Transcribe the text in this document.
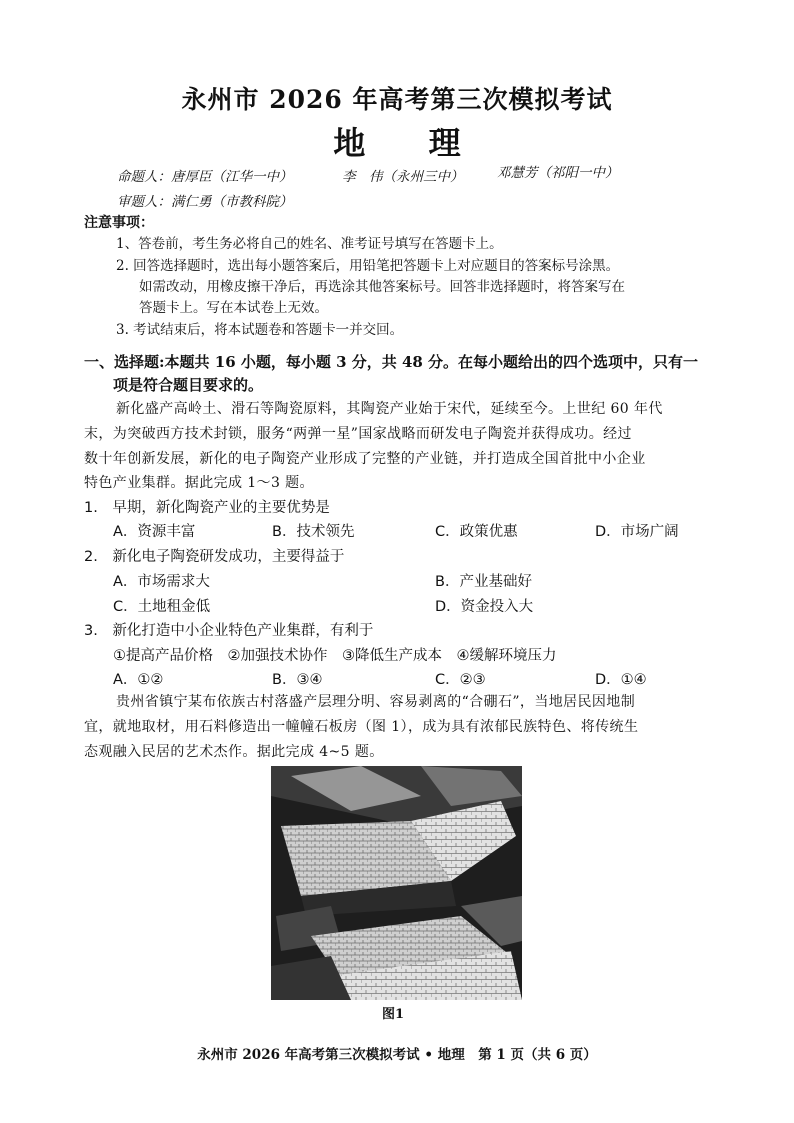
永州市 2026 年高考第三次模拟考试
地 理
命题人：唐厚臣（江华一中）	李　伟（永州三中） 邓慧芳（祁阳一中）
审题人：满仁勇（市教科院）
注意事项：
1、答卷前，考生务必将自己的姓名、准考证号填写在答题卡上。
2. 回答选择题时，选出每小题答案后，用铅笔把答题卡上对应题目的答案标号涂黑。
如需改动，用橡皮擦干净后，再选涂其他答案标号。回答非选择题时，将答案写在
答题卡上。写在本试卷上无效。
3. 考试结束后，将本试题卷和答题卡一并交回。
一、选择题:本题共 16 小题，每小题 3 分，共 48 分。在每小题给出的四个选项中，只有一
项是符合题目要求的。
新化盛产高岭土、滑石等陶瓷原料，其陶瓷产业始于宋代，延续至今。上世纪 60 年代
末，为突破西方技术封锁，服务“两弹一星”国家战略而研发电子陶瓷并获得成功。经过
数十年创新发展，新化的电子陶瓷产业形成了完整的产业链，并打造成全国首批中小企业
特色产业集群。据此完成 1～3 题。
1.　早期，新化陶瓷产业的主要优势是
A．资源丰富	B．技术领先	C．政策优惠	D．市场广阔
2.　新化电子陶瓷研发成功，主要得益于
A．市场需求大	B．产业基础好
C．土地租金低	D．资金投入大
3.　新化打造中小企业特色产业集群，有利于
①提高产品价格　②加强技术协作　③降低生产成本　④缓解环境压力
A．①②	B．③④	C．②③	D．①④
贵州省镇宁某布依族古村落盛产层理分明、容易剥离的“合硼石”，当地居民因地制
宜，就地取材，用石料修造出一幢幢石板房（图 1），成为具有浓郁民族特色、将传统生
态观融入民居的艺术杰作。据此完成 4~5 题。
图1
永州市 2026 年高考第三次模拟考试 • 地理　第 1 页（共 6 页）
